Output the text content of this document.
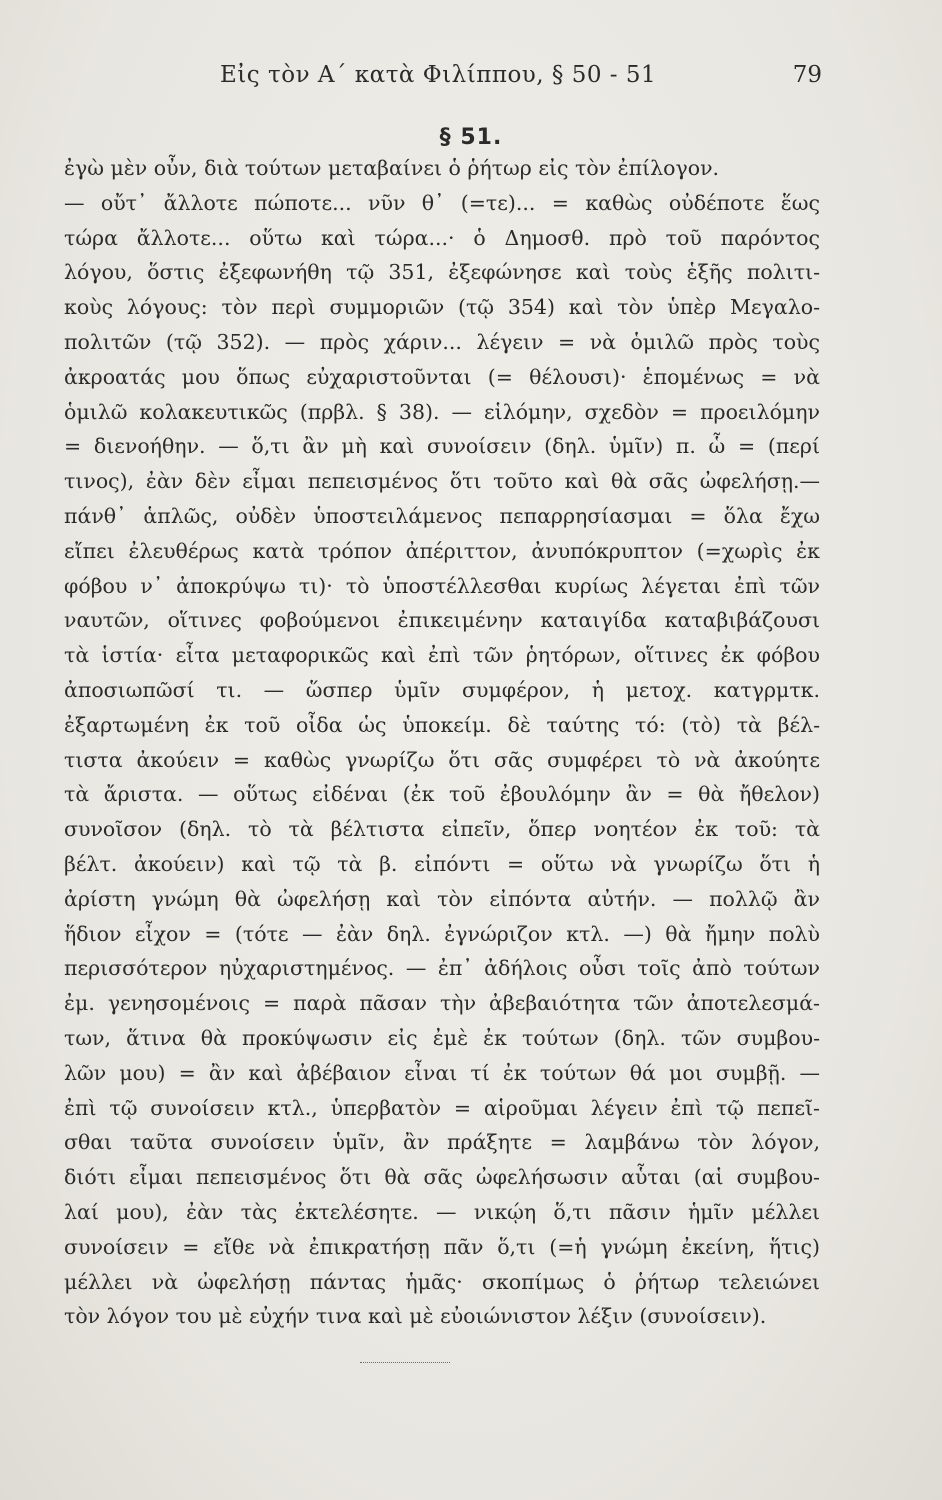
Εἰς τὸν Α΄ κατὰ Φιλίππου, § 50 - 51	79
§ 51.
ἐγὼ μὲν οὖν, διὰ τούτων μεταβαίνει ὁ ῥήτωρ εἰς τὸν ἐπίλογον.
— οὔτ᾽ ἄλλοτε πώποτε... νῦν θ᾽ (=τε)... = καθὼς οὐδέποτε ἕως
τώρα ἄλλοτε... οὕτω καὶ τώρα...· ὁ Δημοσθ. πρὸ τοῦ παρόντος
λόγου, ὅστις ἐξεφωνήθη τῷ 351, ἐξεφώνησε καὶ τοὺς ἑξῆς πολιτι-
κοὺς λόγους: τὸν περὶ συμμοριῶν (τῷ 354) καὶ τὸν ὑπὲρ Μεγαλο-
πολιτῶν (τῷ 352). — πρὸς χάριν... λέγειν = νὰ ὁμιλῶ πρὸς τοὺς
ἀκροατάς μου ὅπως εὐχαριστοῦνται (= θέλουσι)· ἑπομένως = νὰ
ὁμιλῶ κολακευτικῶς (πρβλ. § 38). — εἱλόμην, σχεδὸν = προειλόμην
= διενοήθην. — ὅ,τι ἂν μὴ καὶ συνοίσειν (δηλ. ὑμῖν) π. ὧ = (περί
τινος), ἐὰν δὲν εἶμαι πεπεισμένος ὅτι τοῦτο καὶ θὰ σᾶς ὠφελήσῃ.—
πάνθ᾽ ἁπλῶς, οὐδὲν ὑποστειλάμενος πεπαρρησίασμαι = ὅλα ἔχω
εἴπει ἐλευθέρως κατὰ τρόπον ἀπέριττον, ἀνυπόκρυπτον (=χωρὶς ἐκ
φόβου ν᾽ ἀποκρύψω τι)· τὸ ὑποστέλλεσθαι κυρίως λέγεται ἐπὶ τῶν
ναυτῶν, οἵτινες φοβούμενοι ἐπικειμένην καταιγίδα καταβιβάζουσι
τὰ ἱστία· εἶτα μεταφορικῶς καὶ ἐπὶ τῶν ῥητόρων, οἵτινες ἐκ φόβου
ἀποσιωπῶσί τι. — ὥσπερ ὑμῖν συμφέρον, ἡ μετοχ. κατγρμτκ.
ἐξαρτωμένη ἐκ τοῦ οἶδα ὡς ὑποκείμ. δὲ ταύτης τό: (τὸ) τὰ βέλ-
τιστα ἀκούειν = καθὼς γνωρίζω ὅτι σᾶς συμφέρει τὸ νὰ ἀκούητε
τὰ ἄριστα. — οὕτως εἰδέναι (ἐκ τοῦ ἐβουλόμην ἂν = θὰ ἤθελον)
συνοῖσον (δηλ. τὸ τὰ βέλτιστα εἰπεῖν, ὅπερ νοητέον ἐκ τοῦ: τὰ
βέλτ. ἀκούειν) καὶ τῷ τὰ β. εἰπόντι = οὕτω νὰ γνωρίζω ὅτι ἡ
ἀρίστη γνώμη θὰ ὠφελήσῃ καὶ τὸν εἰπόντα αὐτήν. — πολλῷ ἂν
ἥδιον εἶχον = (τότε — ἐὰν δηλ. ἐγνώριζον κτλ. —) θὰ ἤμην πολὺ
περισσότερον ηὐχαριστημένος. — ἐπ᾽ ἀδήλοις οὖσι τοῖς ἀπὸ τούτων
ἐμ. γενησομένοις = παρὰ πᾶσαν τὴν ἀβεβαιότητα τῶν ἀποτελεσμά-
των, ἅτινα θὰ προκύψωσιν εἰς ἐμὲ ἐκ τούτων (δηλ. τῶν συμβου-
λῶν μου) = ἂν καὶ ἀβέβαιον εἶναι τί ἐκ τούτων θά μοι συμβῇ. —
ἐπὶ τῷ συνοίσειν κτλ., ὑπερβατὸν = αἱροῦμαι λέγειν ἐπὶ τῷ πεπεῖ-
σθαι ταῦτα συνοίσειν ὑμῖν, ἂν πράξητε = λαμβάνω τὸν λόγον,
διότι εἶμαι πεπεισμένος ὅτι θὰ σᾶς ὠφελήσωσιν αὗται (αἱ συμβου-
λαί μου), ἐὰν τὰς ἐκτελέσητε. — νικῴη ὅ,τι πᾶσιν ἡμῖν μέλλει
συνοίσειν = εἴθε νὰ ἐπικρατήσῃ πᾶν ὅ,τι (=ἡ γνώμη ἐκείνη, ἥτις)
μέλλει νὰ ὠφελήσῃ πάντας ἡμᾶς· σκοπίμως ὁ ῥήτωρ τελειώνει
τὸν λόγον του μὲ εὐχήν τινα καὶ μὲ εὐοιώνιστον λέξιν (συνοίσειν).
